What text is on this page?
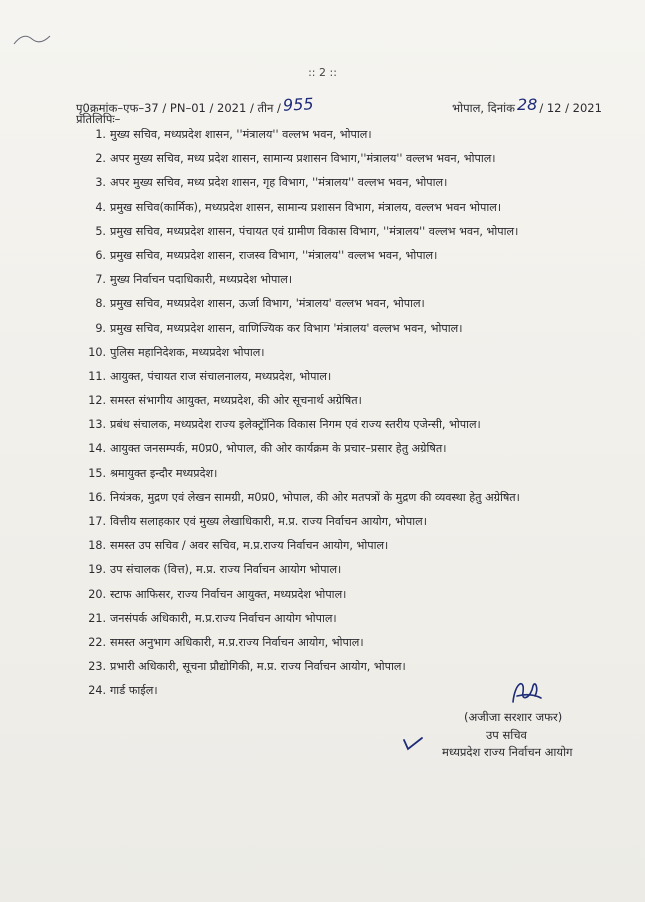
:: 2 ::
पृ0क्रमांक–एफ–37 / PN–01 / 2021 / तीन /955	भोपाल, दिनांक 28 / 12 / 2021
प्रतिलिपिः–
1. मुख्य सचिव, मध्यप्रदेश शासन, ''मंत्रालय'' वल्लभ भवन, भोपाल।
2. अपर मुख्य सचिव, मध्य प्रदेश शासन, सामान्य प्रशासन विभाग,''मंत्रालय'' वल्लभ भवन, भोपाल।
3. अपर मुख्य सचिव, मध्य प्रदेश शासन, गृह विभाग, ''मंत्रालय'' वल्लभ भवन, भोपाल।
4. प्रमुख सचिव(कार्मिक), मध्यप्रदेश शासन, सामान्य प्रशासन विभाग, मंत्रालय, वल्लभ भवन भोपाल।
5. प्रमुख सचिव, मध्यप्रदेश शासन, पंचायत एवं ग्रामीण विकास विभाग, ''मंत्रालय'' वल्लभ भवन, भोपाल।
6. प्रमुख सचिव, मध्यप्रदेश शासन, राजस्व विभाग, ''मंत्रालय'' वल्लभ भवन, भोपाल।
7. मुख्य निर्वाचन पदाधिकारी, मध्यप्रदेश भोपाल।
8. प्रमुख सचिव, मध्यप्रदेश शासन, ऊर्जा विभाग, 'मंत्रालय' वल्लभ भवन, भोपाल।
9. प्रमुख सचिव, मध्यप्रदेश शासन, वाणिज्यिक कर विभाग 'मंत्रालय' वल्लभ भवन, भोपाल।
10. पुलिस महानिदेशक, मध्यप्रदेश भोपाल।
11. आयुक्त, पंचायत राज संचालनालय, मध्यप्रदेश, भोपाल।
12. समस्त संभागीय आयुक्त, मध्यप्रदेश, की ओर सूचनार्थ अग्रेषित।
13. प्रबंध संचालक, मध्यप्रदेश राज्य इलेक्ट्रॉनिक विकास निगम एवं राज्य स्तरीय एजेन्सी, भोपाल।
14. आयुक्त जनसम्पर्क, म0प्र0, भोपाल, की ओर कार्यक्रम के प्रचार–प्रसार हेतु अग्रेषित।
15. श्रमायुक्त इन्दौर मध्यप्रदेश।
16. नियंत्रक, मुद्रण एवं लेखन सामग्री, म0प्र0, भोपाल, की ओर मतपत्रों के मुद्रण की व्यवस्था हेतु अग्रेषित।
17. वित्तीय सलाहकार एवं मुख्य लेखाधिकारी, म.प्र. राज्य निर्वाचन आयोग, भोपाल।
18. समस्त उप सचिव / अवर सचिव, म.प्र.राज्य निर्वाचन आयोग, भोपाल।
19. उप संचालक (वित्त), म.प्र. राज्य निर्वाचन आयोग भोपाल।
20. स्टाफ आफिसर, राज्य निर्वाचन आयुक्त, मध्यप्रदेश भोपाल।
21. जनसंपर्क अधिकारी, म.प्र.राज्य निर्वाचन आयोग भोपाल।
22. समस्त अनुभाग अधिकारी, म.प्र.राज्य निर्वाचन आयोग, भोपाल।
23. प्रभारी अधिकारी, सूचना प्रौद्योगिकी, म.प्र. राज्य निर्वाचन आयोग, भोपाल।
24. गार्ड फाईल।
(अजीजा सरशार जफर)
उप सचिव
मध्यप्रदेश राज्य निर्वाचन आयोग
